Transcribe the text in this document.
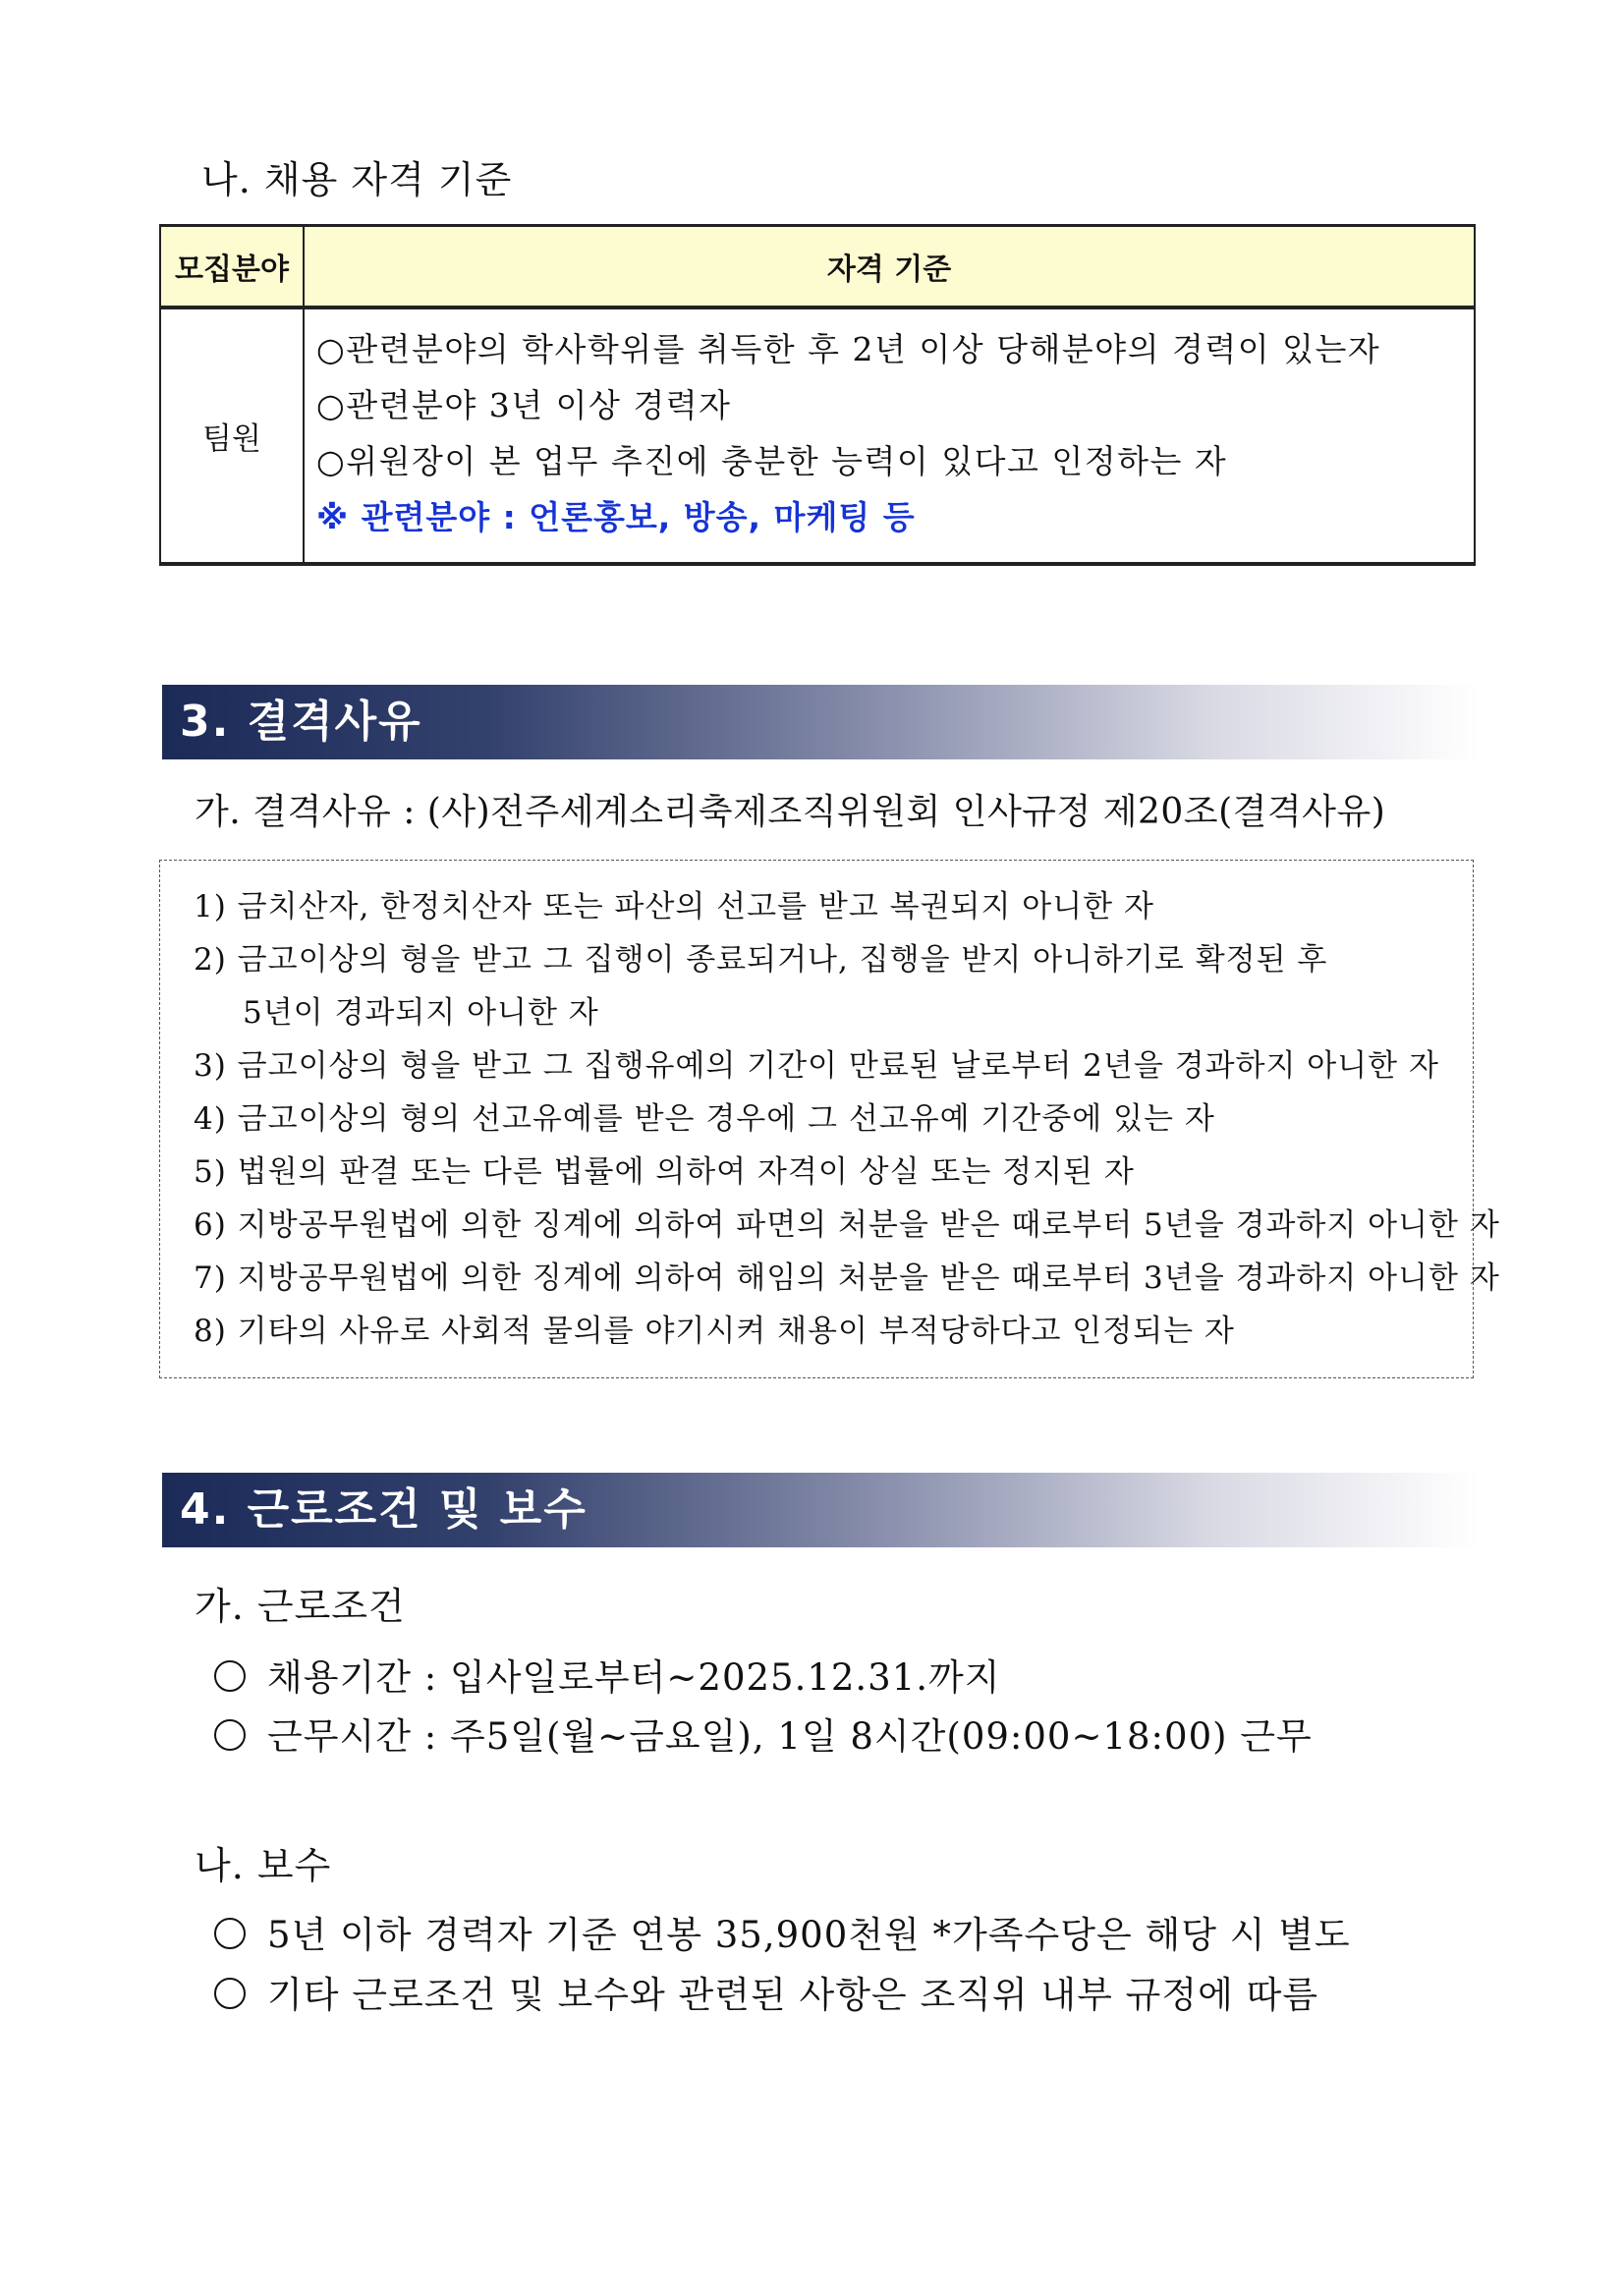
나. 채용 자격 기준
모집분야	자격 기준
팀원	○관련분야의 학사학위를 취득한 후 2년 이상 당해분야의 경력이 있는자
○관련분야 3년 이상 경력자
○위원장이 본 업무 추진에 충분한 능력이 있다고 인정하는 자
※ 관련분야 : 언론홍보, 방송, 마케팅 등
3. 결격사유
가. 결격사유 : (사)전주세계소리축제조직위원회 인사규정 제20조(결격사유)
1) 금치산자, 한정치산자 또는 파산의 선고를 받고 복권되지 아니한 자
2) 금고이상의 형을 받고 그 집행이 종료되거나, 집행을 받지 아니하기로 확정된 후
5년이 경과되지 아니한 자
3) 금고이상의 형을 받고 그 집행유예의 기간이 만료된 날로부터 2년을 경과하지 아니한 자
4) 금고이상의 형의 선고유예를 받은 경우에 그 선고유예 기간중에 있는 자
5) 법원의 판결 또는 다른 법률에 의하여 자격이 상실 또는 정지된 자
6) 지방공무원법에 의한 징계에 의하여 파면의 처분을 받은 때로부터 5년을 경과하지 아니한 자
7) 지방공무원법에 의한 징계에 의하여 해임의 처분을 받은 때로부터 3년을 경과하지 아니한 자
8) 기타의 사유로 사회적 물의를 야기시켜 채용이 부적당하다고 인정되는 자
4. 근로조건 및 보수
가. 근로조건
채용기간 : 입사일로부터~2025.12.31.까지
근무시간 : 주5일(월~금요일), 1일 8시간(09:00~18:00) 근무
나. 보수
5년 이하 경력자 기준 연봉 35,900천원 *가족수당은 해당 시 별도
기타 근로조건 및 보수와 관련된 사항은 조직위 내부 규정에 따름
